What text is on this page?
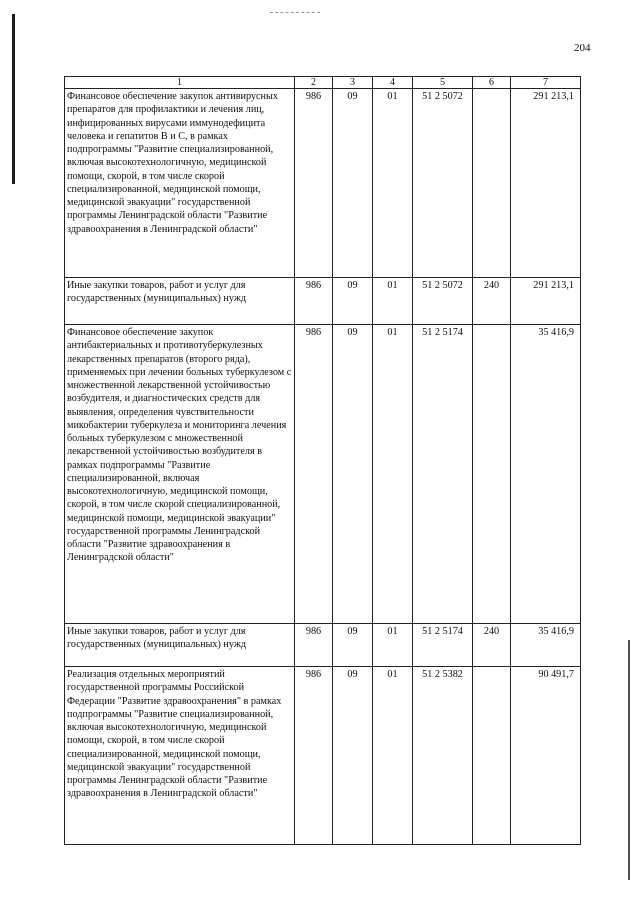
204
1	2	3	4	5	6	7
Финансовое обеспечение закупок антивирусных препаратов для профилактики и лечения лиц, инфицированных вирусами иммунодефицита человека и гепатитов В и С, в рамках подпрограммы "Развитие специализированной, включая высокотехнологичную, медицинской помощи, скорой, в том числе скорой специализированной, медицинской помощи, медицинской эвакуации" государственной программы Ленинградской области "Развитие здравоохранения в Ленинградской области"	986	09	01	51 2 5072		291 213,1
Иные закупки товаров, работ и услуг для государственных (муниципальных) нужд	986	09	01	51 2 5072	240	291 213,1
Финансовое обеспечение закупок антибактериальных и противотуберкулезных лекарственных препаратов (второго ряда), применяемых при лечении больных туберкулезом с множественной лекарственной устойчивостью возбудителя, и диагностических средств для выявления, определения чувствительности микобактерии туберкулеза и мониторинга лечения больных туберкулезом с множественной лекарственной устойчивостью возбудителя в рамках подпрограммы "Развитие специализированной, включая высокотехнологичную, медицинской помощи, скорой, в том числе скорой специализированной, медицинской помощи, медицинской эвакуации" государственной программы Ленинградской области "Развитие здравоохранения в Ленинградской области"	986	09	01	51 2 5174		35 416,9
Иные закупки товаров, работ и услуг для государственных (муниципальных) нужд	986	09	01	51 2 5174	240	35 416,9
Реализация отдельных мероприятий государственной программы Российской Федерации "Развитие здравоохранения" в рамках подпрограммы "Развитие специализированной, включая высокотехнологичную, медицинской помощи, скорой, в том числе скорой специализированной, медицинской помощи, медицинской эвакуации" государственной программы Ленинградской области "Развитие здравоохранения в Ленинградской области"	986	09	01	51 2 5382		90 491,7
